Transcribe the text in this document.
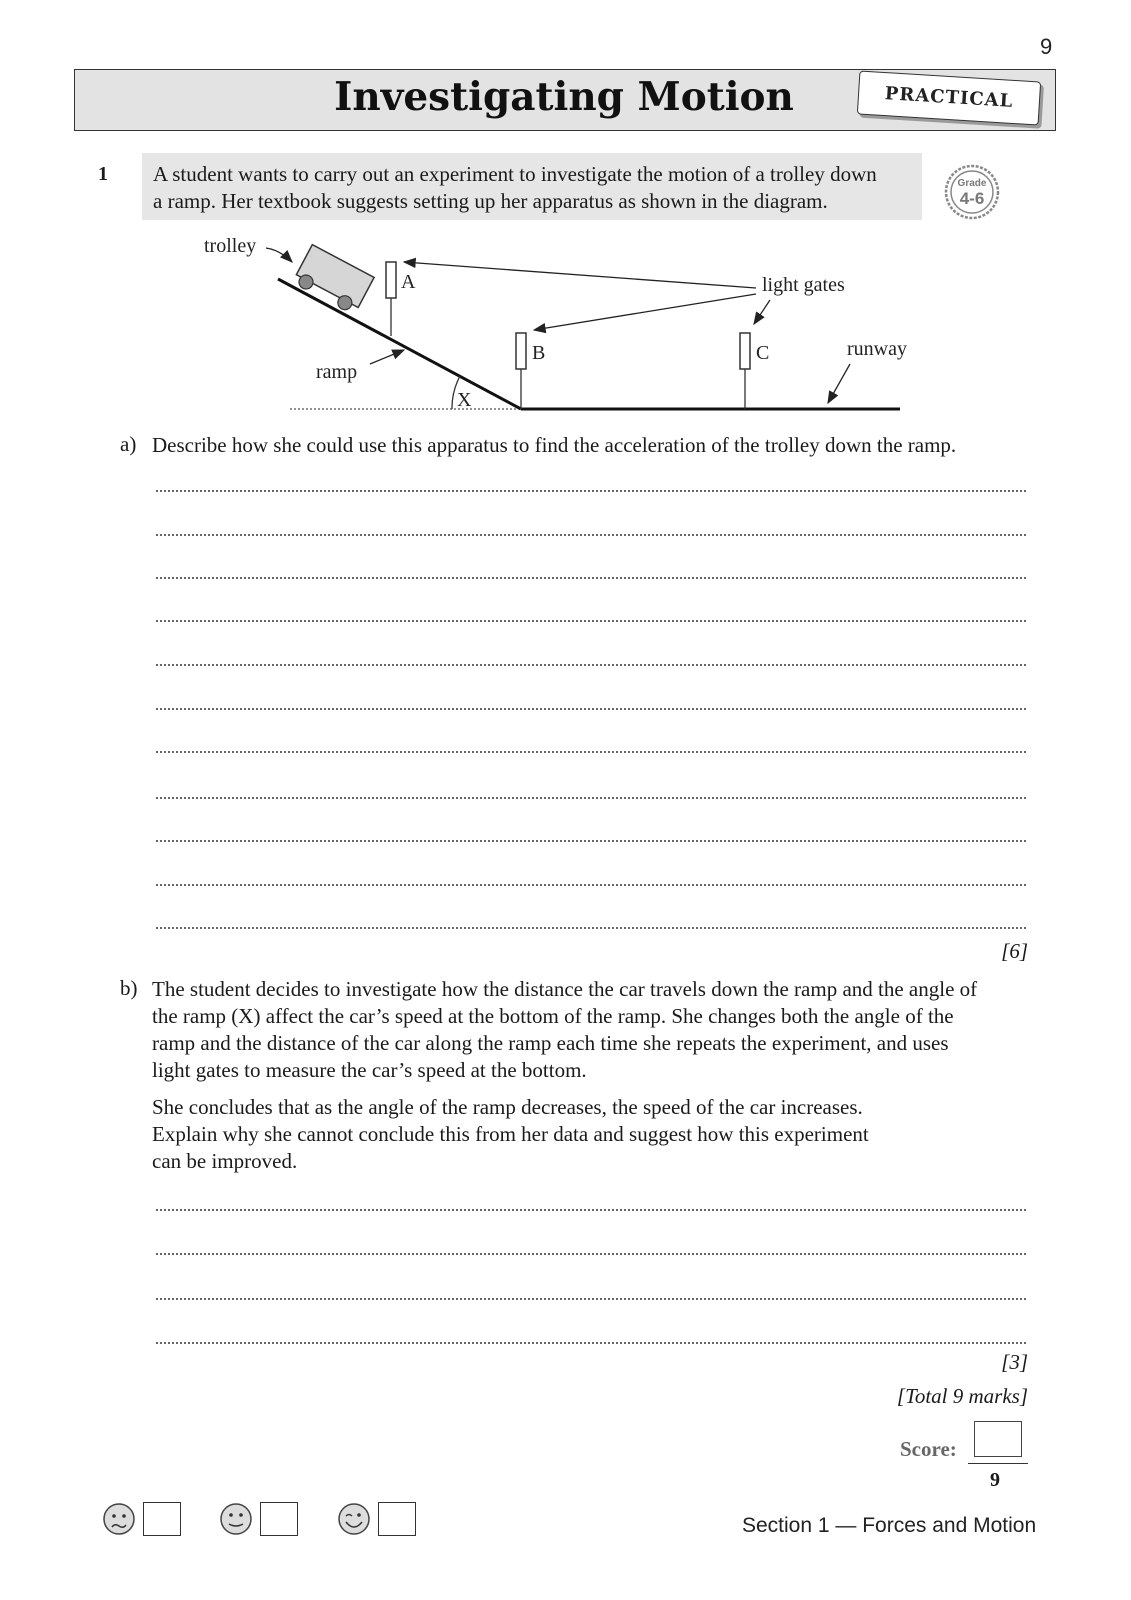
9
Investigating Motion	PRACTICAL
1 A student wants to carry out an experiment to investigate the motion of a trolley down
a ramp. Her textbook suggests setting up her apparatus as shown in the diagram.
Grade
4-6
X
A
B	C
trolley
ramp
light gates
runway
a) Describe how she could use this apparatus to find the acceleration of the trolley down the ramp.
[6]
b) The student decides to investigate how the distance the car travels down the ramp and the angle of
the ramp (X) affect the car’s speed at the bottom of the ramp. She changes both the angle of the
ramp and the distance of the car along the ramp each time she repeats the experiment, and uses
light gates to measure the car’s speed at the bottom.
She concludes that as the angle of the ramp decreases, the speed of the car increases.
Explain why she cannot conclude this from her data and suggest how this experiment
can be improved.
[3]
[Total 9 marks]
Score:
9
Section 1 — Forces and Motion
